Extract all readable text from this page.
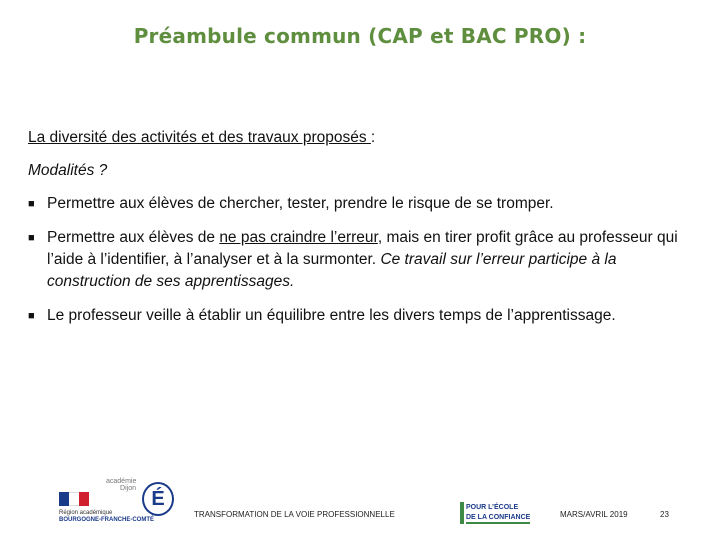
Préambule commun (CAP et BAC PRO) :

La diversité des activités et des travaux proposés :

Modalités ?

■ Permettre aux élèves de chercher, tester, prendre le risque de se tromper.
■ Permettre aux élèves de ne pas craindre l’erreur, mais en tirer profit grâce au professeur qui l’aide à l’identifier, à l’analyser et à la surmonter. Ce travail sur l’erreur participe à la construction de ses apprentissages.
■ Le professeur veille à établir un équilibre entre les divers temps de l’apprentissage.
Région académique
BOURGOGNE-FRANCHE-COMTÉ
académie
Dijon É
TRANSFORMATION DE LA VOIE PROFESSIONNELLE
POUR L’ÉCOLE
DE LA CONFIANCE	MARS/AVRIL 2019	23
